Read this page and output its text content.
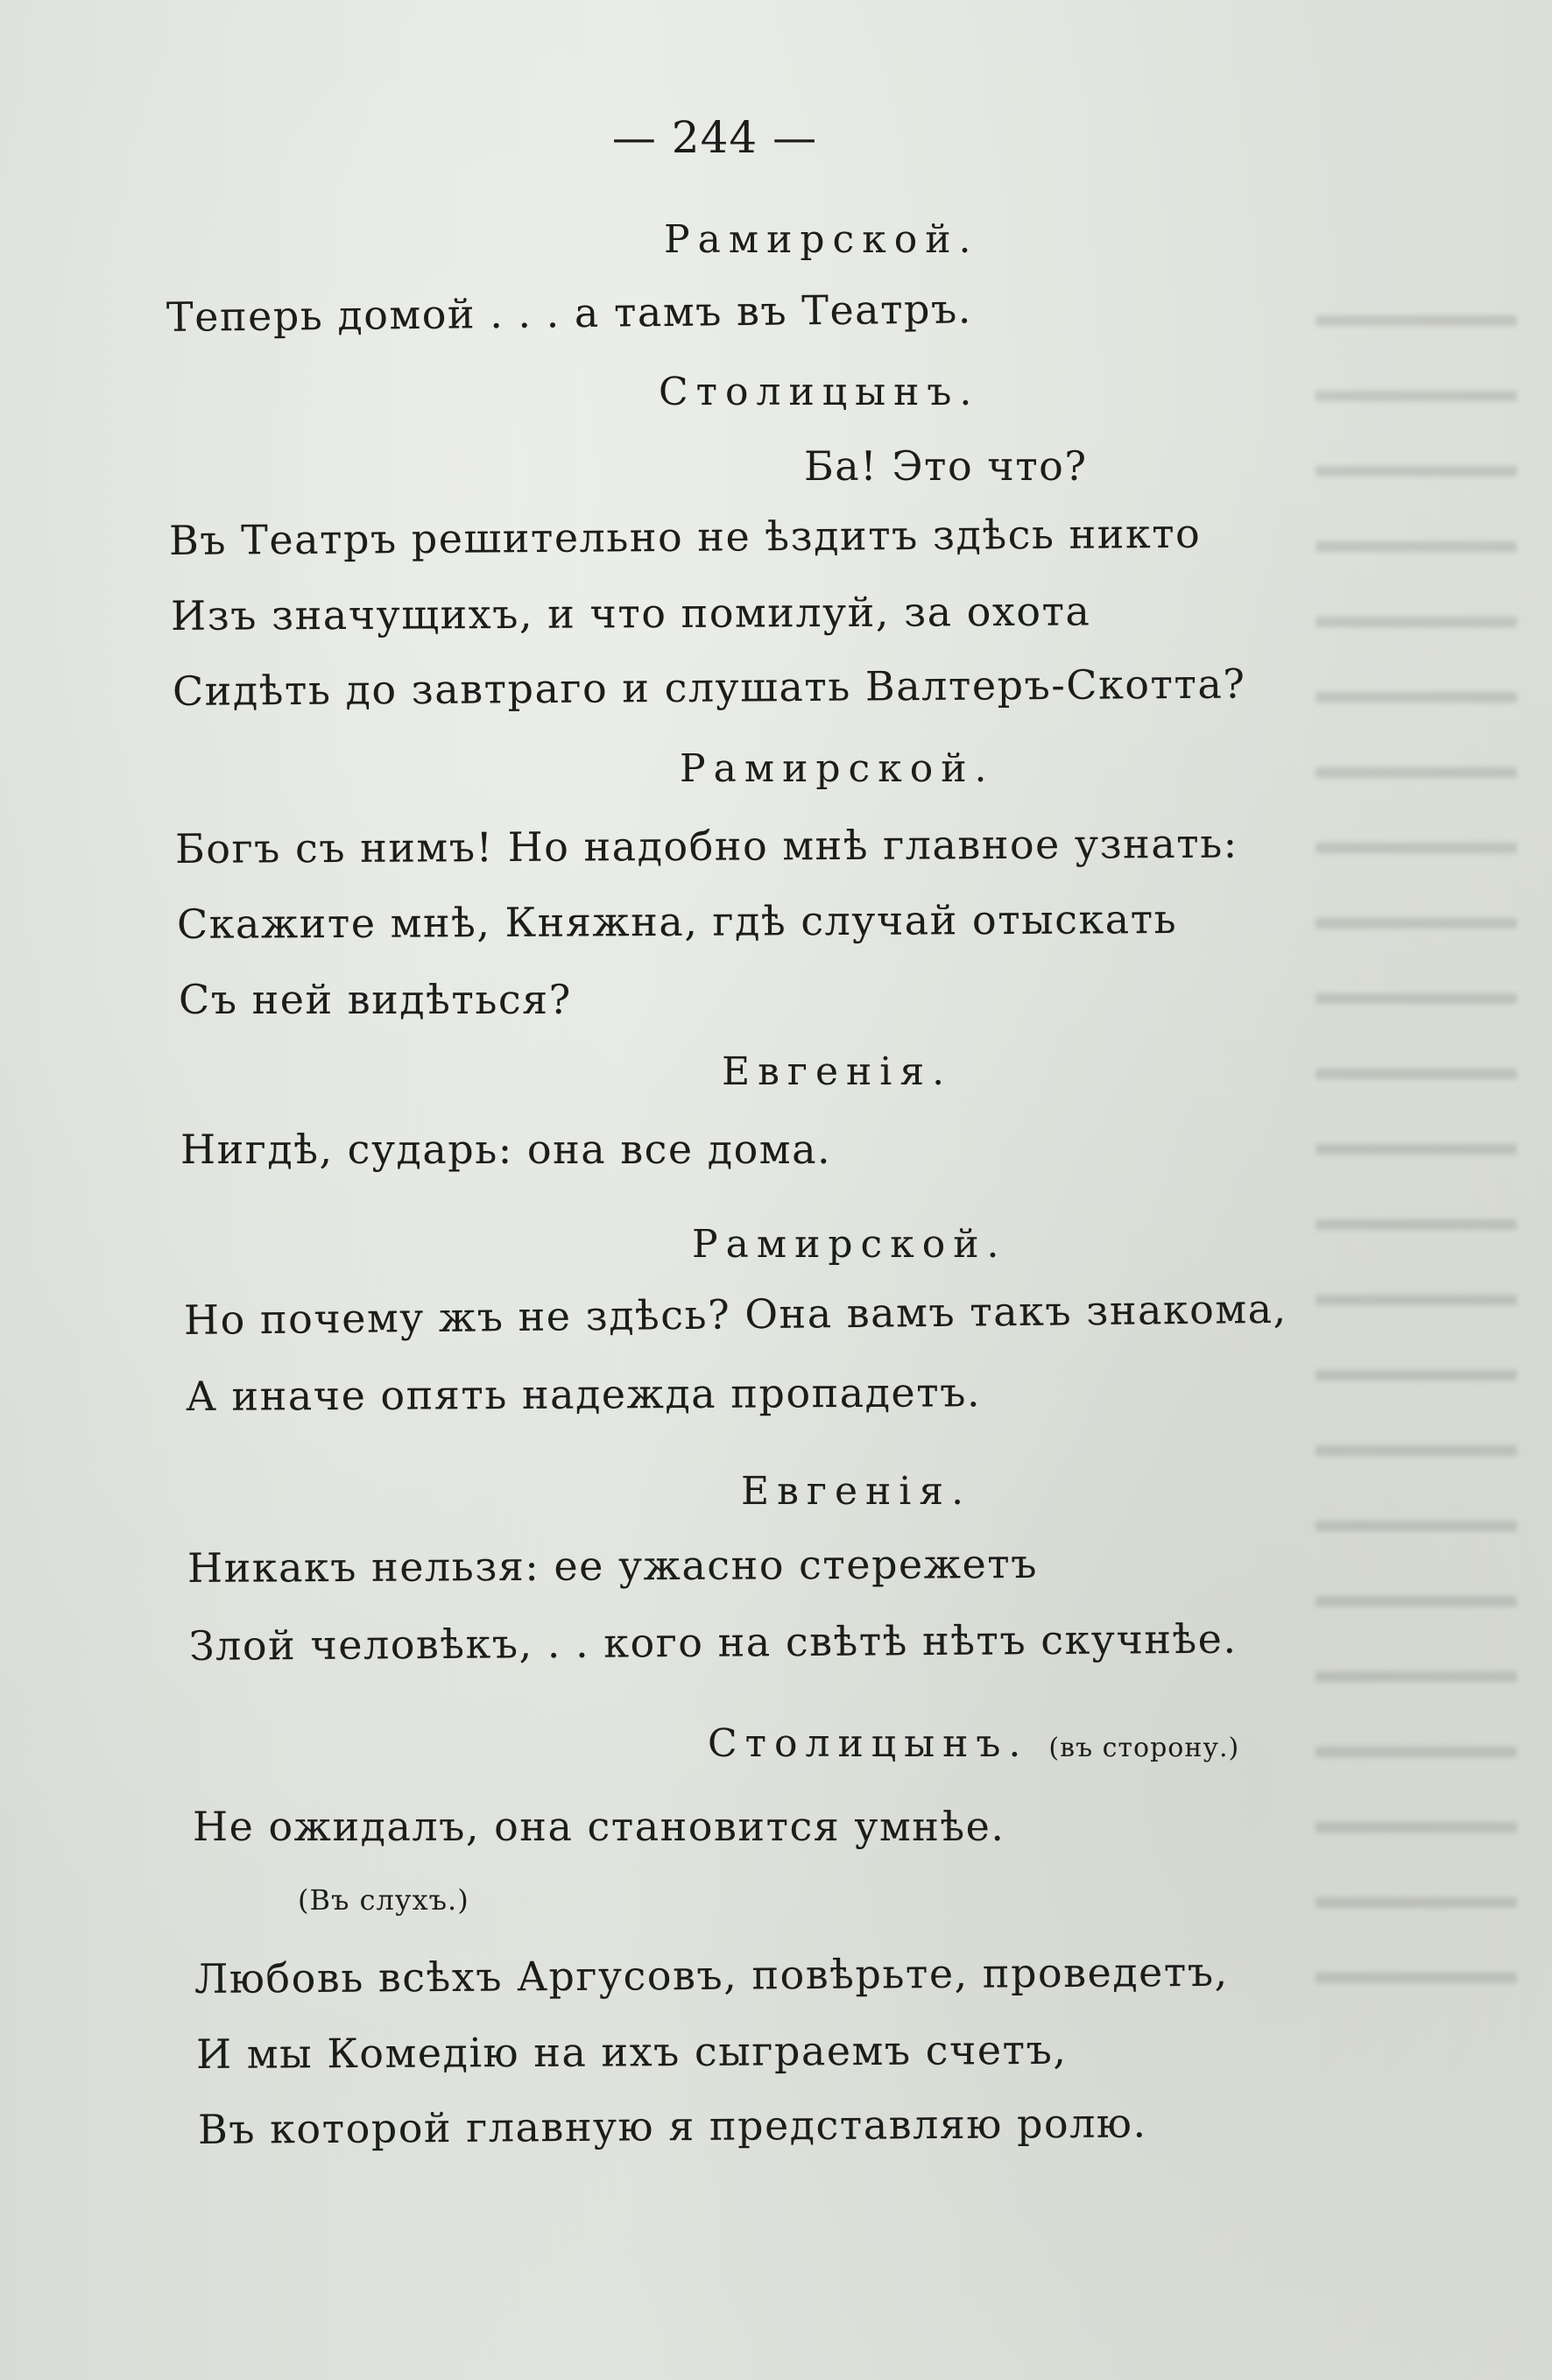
— 244 —
Рамирской.
Теперь домой . . . а тамъ въ Театръ.
Столицынъ.
Ба! Это что?
Въ Театръ решительно не ѣздитъ здѣсь никто
Изъ значущихъ, и что помилуй, за охота
Сидѣть до завтрaго и слушать Валтеръ-Скотта?
Рамирской.
Богъ съ нимъ! Но надобно мнѣ главное узнать:
Скажите мнѣ, Княжна, гдѣ случай отыскать
Съ ней видѣться?
Евгенія.
Нигдѣ, сударь: она все дома.
Рамирской.
Но почему жъ не здѣсь? Она вамъ такъ знакома,
А иначе опять надежда пропадетъ.
Евгенія.
Никакъ нельзя: ее ужасно стережетъ
Злой человѣкъ, . . кого на свѣтѣ нѣтъ скучнѣе.
Столицынъ. (въ сторону.)
Не ожидалъ, она становится умнѣе.
(Въ слухъ.)
Любовь всѣхъ Аргусовъ, повѣрьте, проведетъ,
И мы Комедію на ихъ сыграемъ счетъ,
Въ которой главную я представляю ролю.
